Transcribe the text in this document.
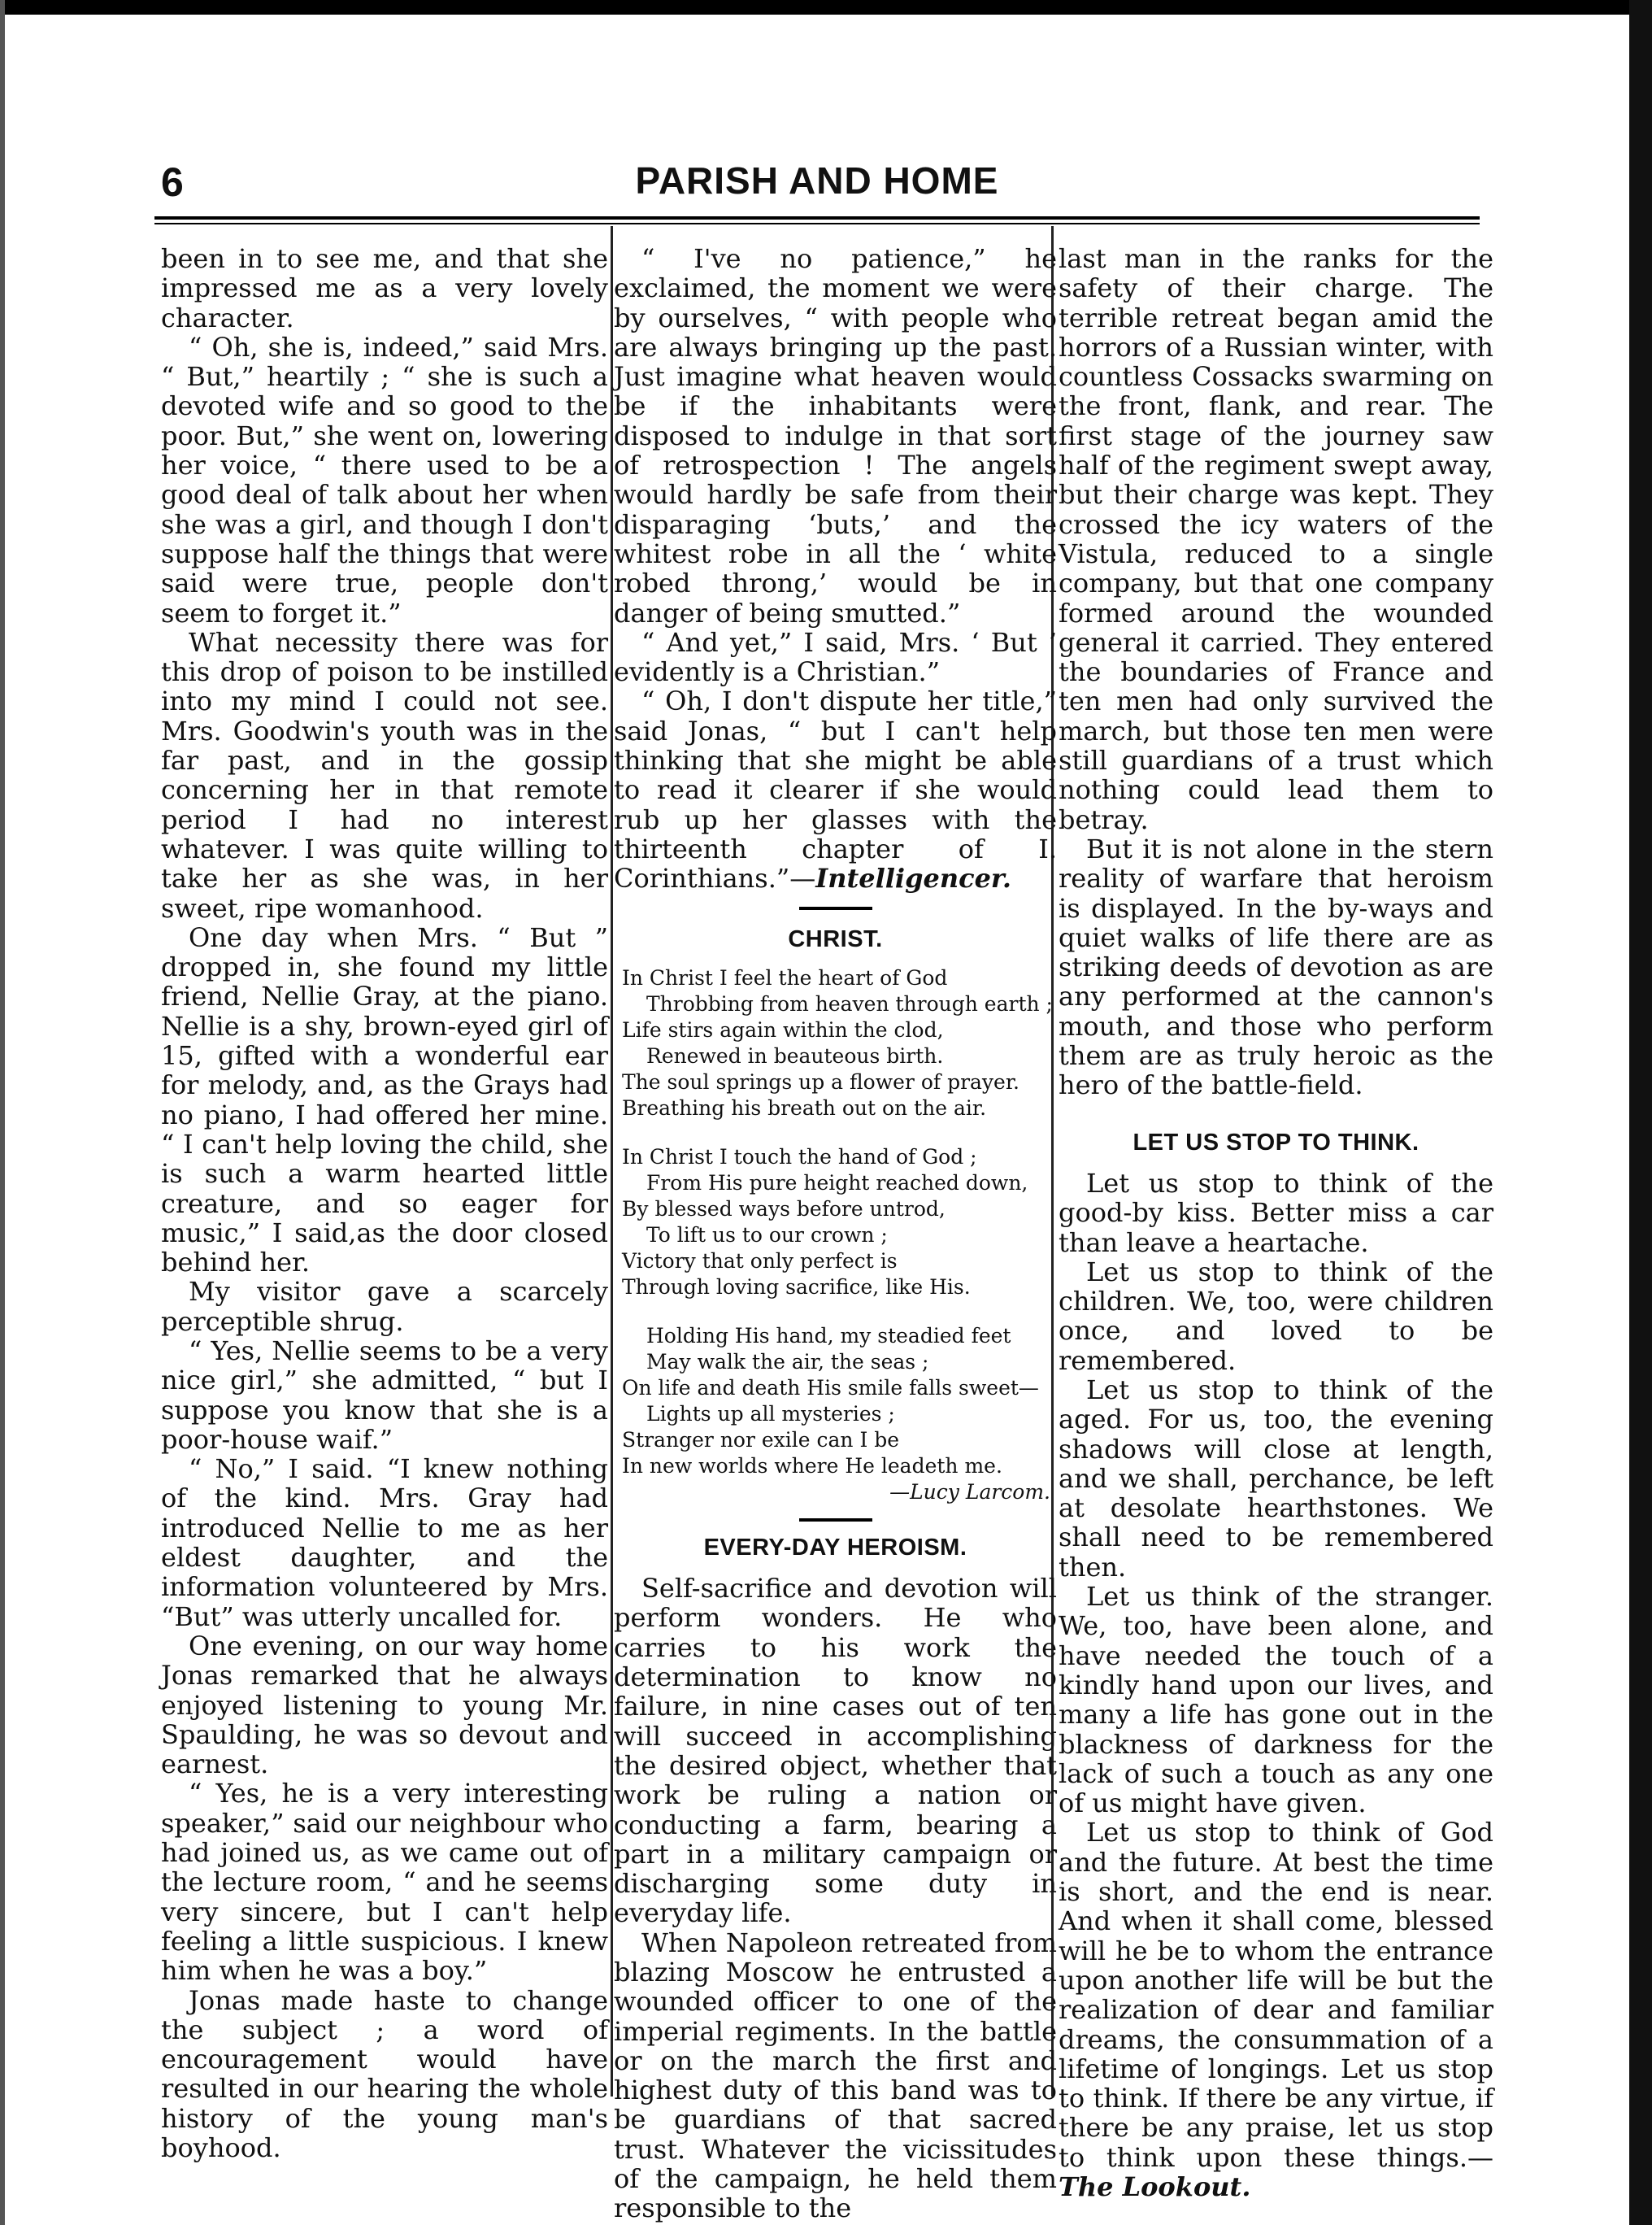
6	PARISH AND HOME

been in to see me, and that she impressed me as a very lovely character.

“ Oh, she is, indeed,” said Mrs. “ But,” heartily ; “ she is such a devoted wife and so good to the poor. But,” she went on, lowering her voice, “ there used to be a good deal of talk about her when she was a girl, and though I don't suppose half the things that were said were true, people don't seem to forget it.”

What necessity there was for this drop of poison to be instilled into my mind I could not see. Mrs. Goodwin's youth was in the far past, and in the gossip concerning her in that remote period I had no interest whatever. I was quite willing to take her as she was, in her sweet, ripe womanhood.

One day when Mrs. “ But ” dropped in, she found my little friend, Nellie Gray, at the piano. Nellie is a shy, brown-eyed girl of 15, gifted with a wonderful ear for melody, and, as the Grays had no piano, I had offered her mine. “ I can't help loving the child, she is such a warm hearted little creature, and so eager for music,” I said,as the door closed behind her.

My visitor gave a scarcely perceptible shrug.

“ Yes, Nellie seems to be a very nice girl,” she admitted, “ but I suppose you know that she is a poor-house waif.”

“ No,” I said. “I knew nothing of the kind. Mrs. Gray had introduced Nellie to me as her eldest daughter, and the information volunteered by Mrs. “But” was utterly uncalled for.

One evening, on our way home Jonas remarked that he always enjoyed listening to young Mr. Spaulding, he was so devout and earnest.

“ Yes, he is a very interesting speaker,” said our neighbour who had joined us, as we came out of the lecture room, “ and he seems very sincere, but I can't help feeling a little suspicious. I knew him when he was a boy.”

Jonas made haste to change the subject ; a word of encouragement would have resulted in our hearing the whole history of the young man's boyhood.

“ I've no patience,” he exclaimed, the moment we were by ourselves, “ with people who are always bringing up the past. Just imagine what heaven would be if the inhabitants were disposed to indulge in that sort of retrospection ! The angels would hardly be safe from their disparaging ‘buts,’ and the whitest robe in all the ‘ white robed throng,’ would be in danger of being smutted.”

“ And yet,” I said, Mrs. ‘ But ’ evidently is a Christian.”

“ Oh, I don't dispute her title,” said Jonas, “ but I can't help thinking that she might be able to read it clearer if she would rub up her glasses with the thirteenth chapter of I. Corinthians.”—Intelligencer.

CHRIST.
In Christ I feel the heart of God
Throbbing from heaven through earth ;
Life stirs again within the clod,
Renewed in beauteous birth.
The soul springs up a flower of prayer.
Breathing his breath out on the air.
In Christ I touch the hand of God ;
From His pure height reached down,
By blessed ways before untrod,
To lift us to our crown ;
Victory that only perfect is
Through loving sacrifice, like His.
Holding His hand, my steadied feet
May walk the air, the seas ;
On life and death His smile falls sweet—
Lights up all mysteries ;
Stranger nor exile can I be
In new worlds where He leadeth me.
—Lucy Larcom.
EVERY-DAY HEROISM.

Self-sacrifice and devotion will perform wonders. He who carries to his work the determination to know no failure, in nine cases out of ten will succeed in accomplishing the desired object, whether that work be ruling a nation or conducting a farm, bearing a part in a military campaign or discharging some duty in everyday life.

When Napoleon retreated from blazing Moscow he entrusted a wounded officer to one of the imperial regiments. In the battle or on the march the first and highest duty of this band was to be guardians of that sacred trust. Whatever the vicissitudes of the campaign, he held them responsible to the

last man in the ranks for the safety of their charge. The terrible retreat began amid the horrors of a Russian winter, with countless Cossacks swarming on the front, flank, and rear. The first stage of the journey saw half of the regiment swept away, but their charge was kept. They crossed the icy waters of the Vistula, reduced to a single company, but that one company formed around the wounded general it carried. They entered the boundaries of France and ten men had only survived the march, but those ten men were still guardians of a trust which nothing could lead them to betray.

But it is not alone in the stern reality of warfare that heroism is displayed. In the by-ways and quiet walks of life there are as striking deeds of devotion as are any performed at the cannon's mouth, and those who perform them are as truly heroic as the hero of the battle-field.

LET US STOP TO THINK.

Let us stop to think of the good-by kiss. Better miss a car than leave a heartache.

Let us stop to think of the children. We, too, were children once, and loved to be remembered.

Let us stop to think of the aged. For us, too, the evening shadows will close at length, and we shall, perchance, be left at desolate hearthstones. We shall need to be remembered then.

Let us think of the stranger. We, too, have been alone, and have needed the touch of a kindly hand upon our lives, and many a life has gone out in the blackness of darkness for the lack of such a touch as any one of us might have given.

Let us stop to think of God and the future. At best the time is short, and the end is near. And when it shall come, blessed will he be to whom the entrance upon another life will be but the realization of dear and familiar dreams, the consummation of a lifetime of longings. Let us stop to think. If there be any virtue, if there be any praise, let us stop to think upon these things.—The Lookout.
